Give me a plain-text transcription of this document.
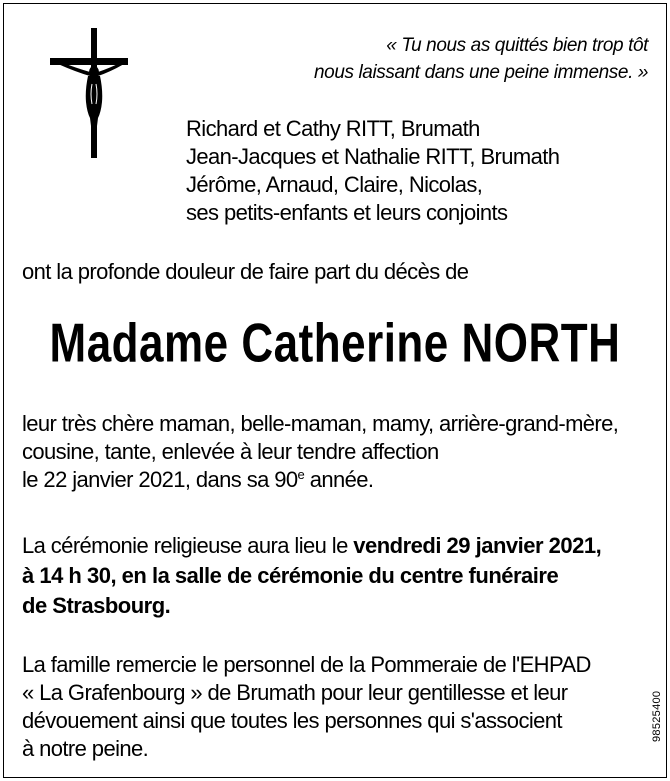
« Tu nous as quittés bien trop tôt
nous laissant dans une peine immense. »
Richard et Cathy RITT, Brumath
Jean-Jacques et Nathalie RITT, Brumath
Jérôme, Arnaud, Claire, Nicolas,
ses petits-enfants et leurs conjoints
ont la profonde douleur de faire part du décès de
Madame Catherine NORTH
leur très chère maman, belle-maman, mamy, arrière-grand-mère,
cousine, tante, enlevée à leur tendre affection
le 22 janvier 2021, dans sa 90e année.
La cérémonie religieuse aura lieu le vendredi 29 janvier 2021,
à 14 h 30, en la salle de cérémonie du centre funéraire
de Strasbourg.
La famille remercie le personnel de la Pommeraie de l'EHPAD
« La Grafenbourg » de Brumath pour leur gentillesse et leur
dévouement ainsi que toutes les personnes qui s'associent
à notre peine.
98525400
